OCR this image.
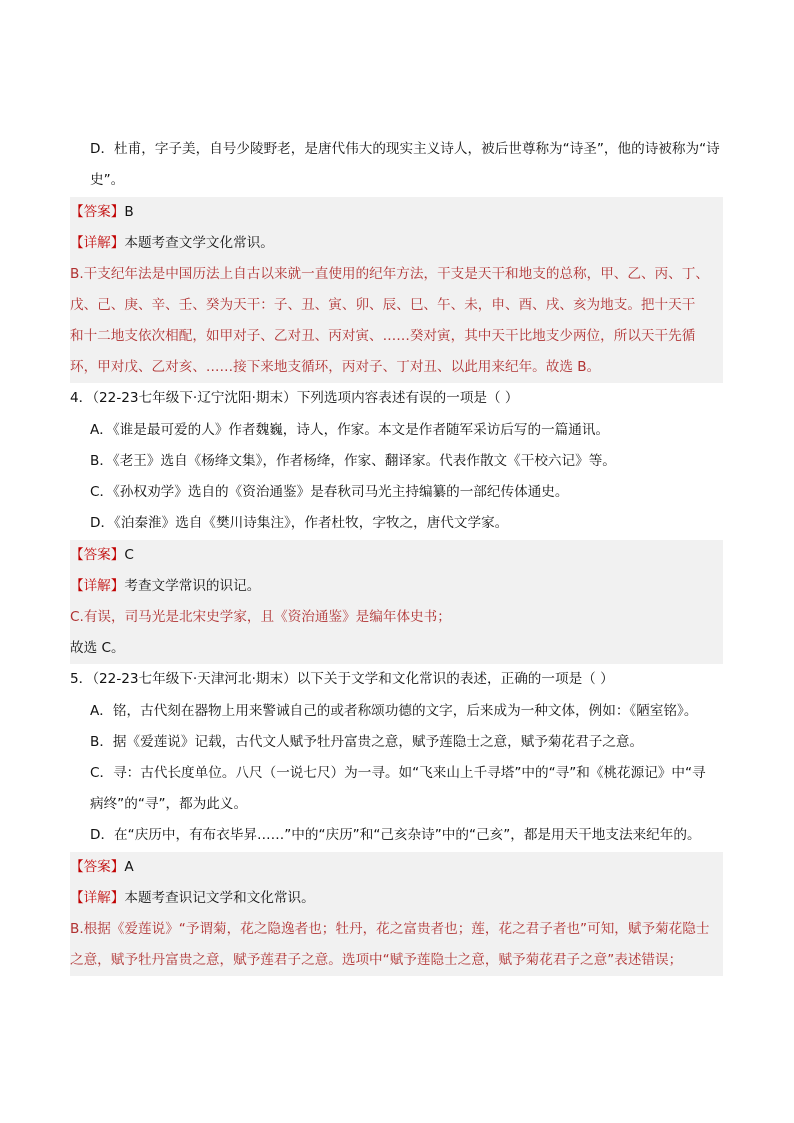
D．杜甫，字子美，自号少陵野老，是唐代伟大的现实主义诗人，被后世尊称为“诗圣”，他的诗被称为“诗
史”。
【答案】B
【详解】本题考查文学文化常识。
B.干支纪年法是中国历法上自古以来就一直使用的纪年方法，干支是天干和地支的总称，甲、乙、丙、丁、
戊、己、庚、辛、壬、癸为天干：子、丑、寅、卯、辰、巳、午、未，申、酉、戌、亥为地支。把十天干
和十二地支依次相配，如甲对子、乙对丑、丙对寅、……癸对寅，其中天干比地支少两位，所以天干先循
环，甲对戊、乙对亥、……接下来地支循环，丙对子、丁对丑、以此用来纪年。故选 B。
4．（22-23七年级下·辽宁沈阳·期末）下列选项内容表述有误的一项是（ ）
A．《谁是最可爱的人》作者魏巍，诗人，作家。本文是作者随军采访后写的一篇通讯。
B．《老王》选自《杨绛文集》，作者杨绛，作家、翻译家。代表作散文《干校六记》等。
C．《孙权劝学》选自的《资治通鉴》是春秋司马光主持编纂的一部纪传体通史。
D．《泊秦淮》选自《樊川诗集注》，作者杜牧，字牧之，唐代文学家。
【答案】C
【详解】考查文学常识的识记。
C.有误，司马光是北宋史学家，且《资治通鉴》是编年体史书；
故选 C。
5．（22-23七年级下·天津河北·期末）以下关于文学和文化常识的表述，正确的一项是（ ）
A．铭，古代刻在器物上用来警诫自己的或者称颂功德的文字，后来成为一种文体，例如：《陋室铭》。
B．据《爱莲说》记载，古代文人赋予牡丹富贵之意，赋予莲隐士之意，赋予菊花君子之意。
C．寻：古代长度单位。八尺（一说七尺）为一寻。如“飞来山上千寻塔”中的“寻”和《桃花源记》中“寻
病终”的“寻”，都为此义。
D．在“庆历中，有布衣毕昇……”中的“庆历”和“己亥杂诗”中的“己亥”，都是用天干地支法来纪年的。
【答案】A
【详解】本题考查识记文学和文化常识。
B.根据《爱莲说》“予谓菊，花之隐逸者也；牡丹，花之富贵者也；莲，花之君子者也”可知，赋予菊花隐士
之意，赋予牡丹富贵之意，赋予莲君子之意。选项中“赋予莲隐士之意，赋予菊花君子之意”表述错误；
